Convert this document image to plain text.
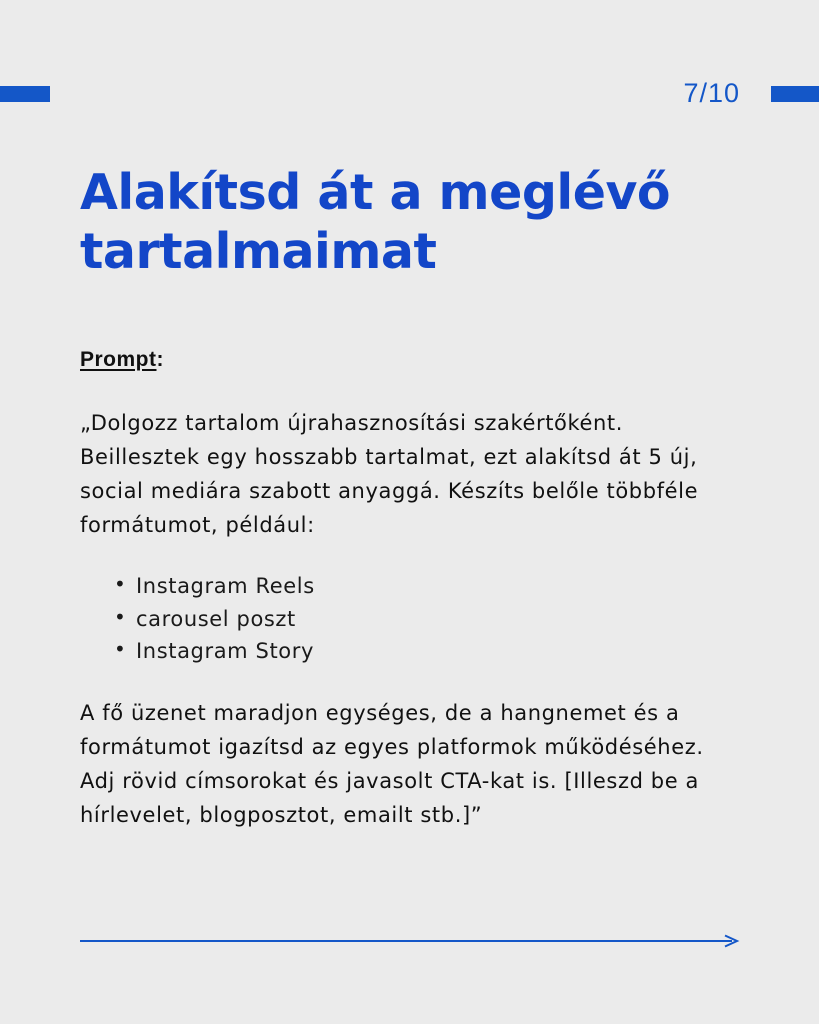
7/10
Alakítsd át a meglévő tartalmaimat
Prompt:

„Dolgozz tartalom újrahasznosítási szakértőként. Beillesztek egy hosszabb tartalmat, ezt alakítsd át 5 új, social mediára szabott anyaggá. Készíts belőle többféle formátumot, például:

• Instagram Reels
• carousel poszt
• Instagram Story

A fő üzenet maradjon egységes, de a hangnemet és a formátumot igazítsd az egyes platformok működéséhez. Adj rövid címsorokat és javasolt CTA-kat is. [Illeszd be a hírlevelet, blogposztot, emailt stb.]”
